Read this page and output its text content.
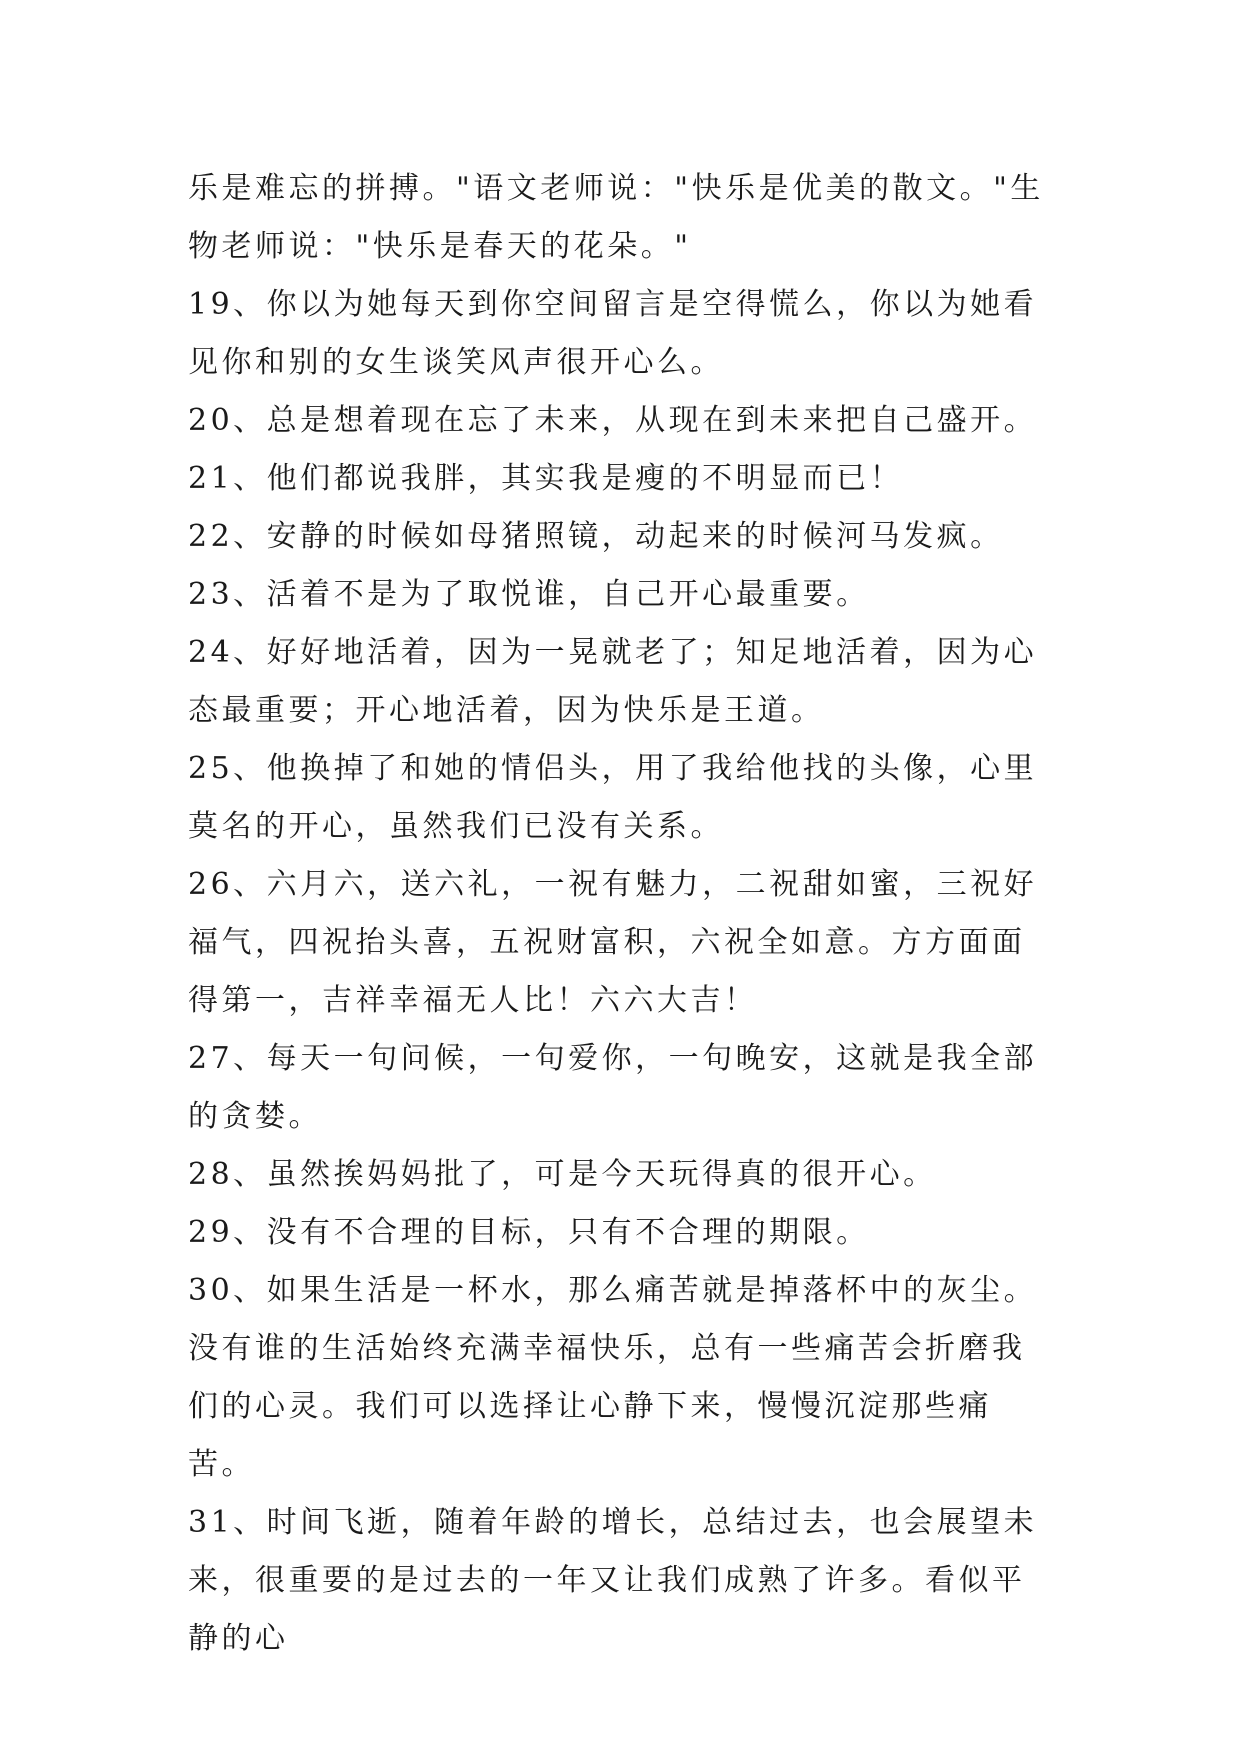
乐是难忘的拼搏。"语文老师说："快乐是优美的散文。"生物老师说："快乐是春天的花朵。"

19、你以为她每天到你空间留言是空得慌么，你以为她看见你和别的女生谈笑风声很开心么。

20、总是想着现在忘了未来，从现在到未来把自己盛开。

21、他们都说我胖，其实我是瘦的不明显而已！

22、安静的时候如母猪照镜，动起来的时候河马发疯。

23、活着不是为了取悦谁，自己开心最重要。

24、好好地活着，因为一晃就老了；知足地活着，因为心态最重要；开心地活着，因为快乐是王道。

25、他换掉了和她的情侣头，用了我给他找的头像，心里莫名的开心，虽然我们已没有关系。

26、六月六，送六礼，一祝有魅力，二祝甜如蜜，三祝好福气，四祝抬头喜，五祝财富积，六祝全如意。方方面面得第一，吉祥幸福无人比！六六大吉！

27、每天一句问候，一句爱你，一句晚安，这就是我全部的贪婪。

28、虽然挨妈妈批了，可是今天玩得真的很开心。

29、没有不合理的目标，只有不合理的期限。

30、如果生活是一杯水，那么痛苦就是掉落杯中的灰尘。没有谁的生活始终充满幸福快乐，总有一些痛苦会折磨我们的心灵。我们可以选择让心静下来，慢慢沉淀那些痛苦。

31、时间飞逝，随着年龄的增长，总结过去，也会展望未来，很重要的是过去的一年又让我们成熟了许多。看似平静的心
